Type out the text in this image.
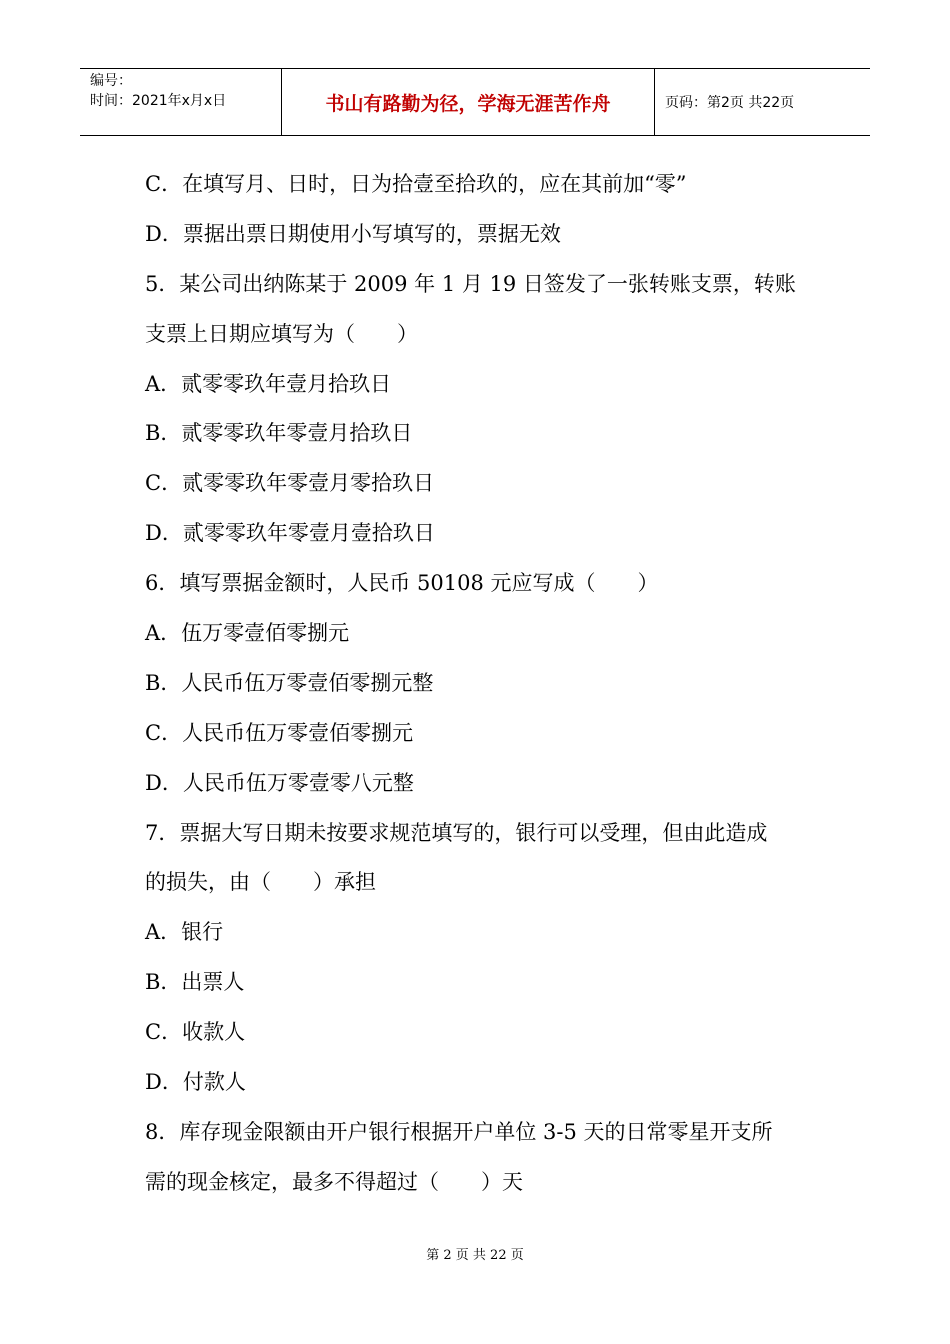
编号：
时间：2021年x月x日	书山有路勤为径，学海无涯苦作舟	页码：第2页 共22页
C．在填写月、日时，日为拾壹至拾玖的，应在其前加“零”
D．票据出票日期使用小写填写的，票据无效
5．某公司出纳陈某于 2009 年 1 月 19 日签发了一张转账支票，转账
支票上日期应填写为（　　）
A．贰零零玖年壹月拾玖日
B．贰零零玖年零壹月拾玖日
C．贰零零玖年零壹月零拾玖日
D．贰零零玖年零壹月壹拾玖日
6．填写票据金额时，人民币 50108 元应写成（　　）
A．伍万零壹佰零捌元
B．人民币伍万零壹佰零捌元整
C．人民币伍万零壹佰零捌元
D．人民币伍万零壹零八元整
7．票据大写日期未按要求规范填写的，银行可以受理，但由此造成
的损失，由（　　）承担
A．银行
B．出票人
C．收款人
D．付款人
8．库存现金限额由开户银行根据开户单位 3-5 天的日常零星开支所
需的现金核定，最多不得超过（　　）天
第 2 页 共 22 页
